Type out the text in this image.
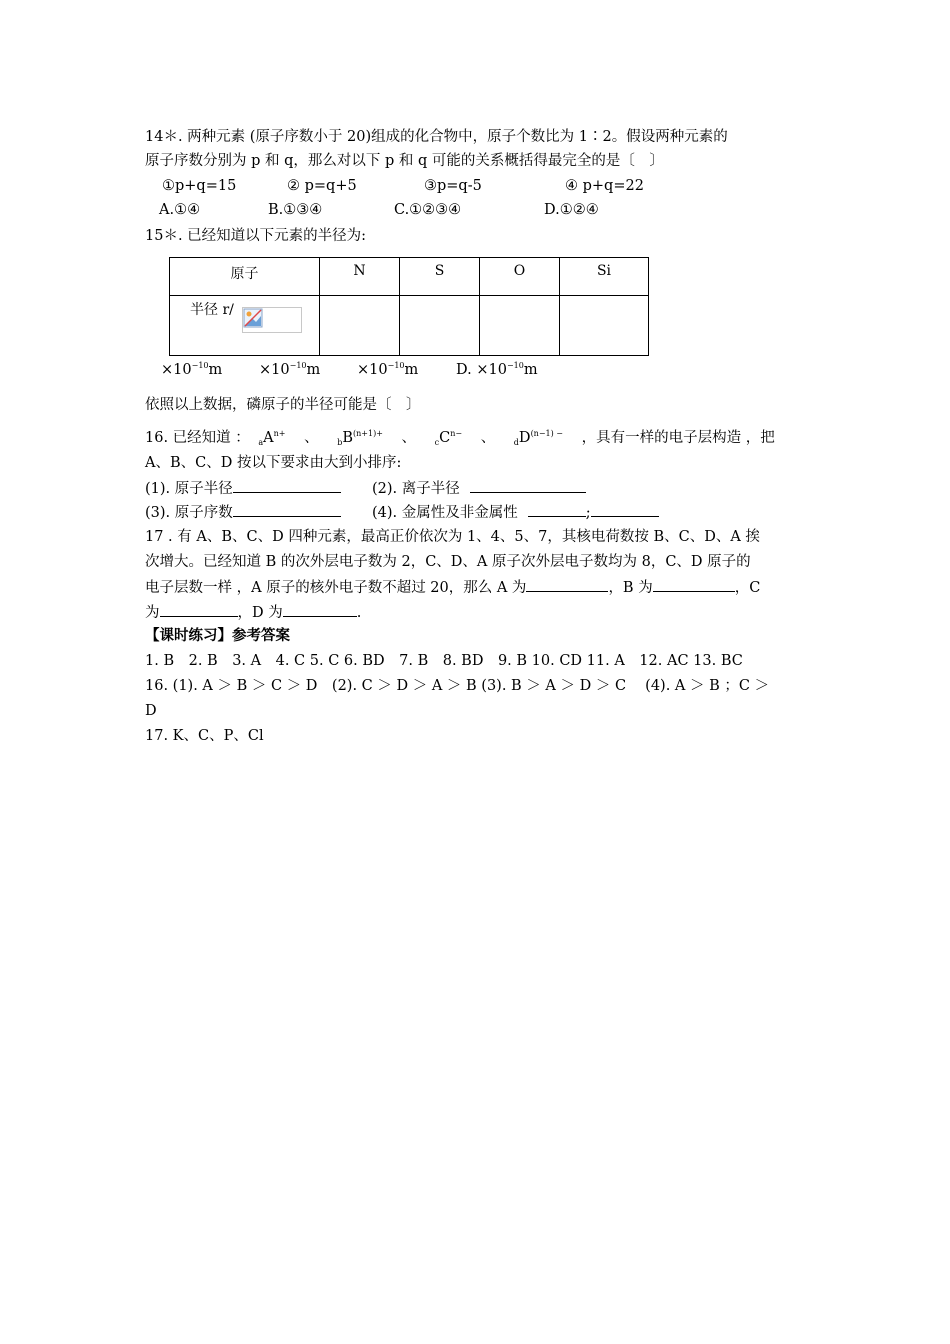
14＊. 两种元素 (原子序数小于 20)组成的化合物中，原子个数比为 1∶2。假设两种元素的
原子序数分别为 p 和 q，那么对以下 p 和 q 可能的关系概括得最完全的是〔　〕
①p+q=15	② p=q+5	③p=q-5	④ p+q=22
A.①④	B.①③④	C.①②③④	D.①②④
15＊. 已经知道以下元素的半径为:
原子	N	S	O	Si

半径 r/				

$\times 10^{-10}m$	$\times 10^{-10}m$	$\times 10^{-10}m$	D. $\times 10^{-10}m$
依照以上数据，磷原子的半径可能是〔　〕
16. 已经知道 ： $_aA^{n+}$ 、 $_bB^{(n+1)+}$ 、 $_cC^{n-}$ 、 $_dD^{(n-1) -}$ ，具有一样的电子层构造 ，把
A、B、C、D 按以下要求由大到小排序:
(1). 原子半径	(2). 离子半径
(3). 原子序数	(4). 金属性及非金属性	;
17 . 有 A、B、C、D 四种元素，最高正价依次为 1、4、5、7，其核电荷数按 B、C、D、A 挨
次增大。已经知道 B 的次外层电子数为 2，C、D、A 原子次外层电子数均为 8，C、D 原子的
电子层数一样 ，A 原子的核外电子数不超过 20，那么 A 为	，B 为	，C
为	，D 为	.
【课时练习】参考答案
1. B　2. B　3. A　4. C 5. C 6. BD　7. B　8. BD　9. B 10. CD 11. A　12. AC 13. BC
16. (1). A ＞ B ＞ C ＞ D　(2). C ＞ D ＞ A ＞ B (3). B ＞ A ＞ D ＞ C　 (4). A ＞ B ；C ＞
D
17. K、C、P、Cl
